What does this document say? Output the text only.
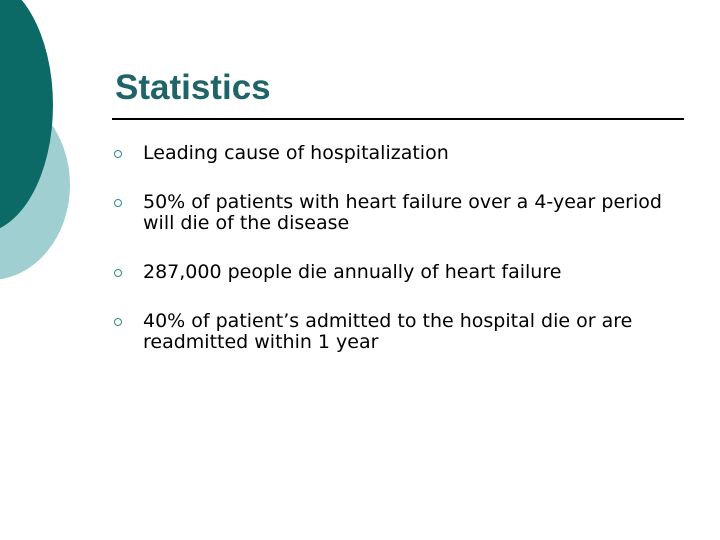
Statistics
Leading cause of hospitalization
50% of patients with heart failure over a 4-year period will die of the disease
287,000 people die annually of heart failure
40% of patient’s admitted to the hospital die or are readmitted within 1 year
